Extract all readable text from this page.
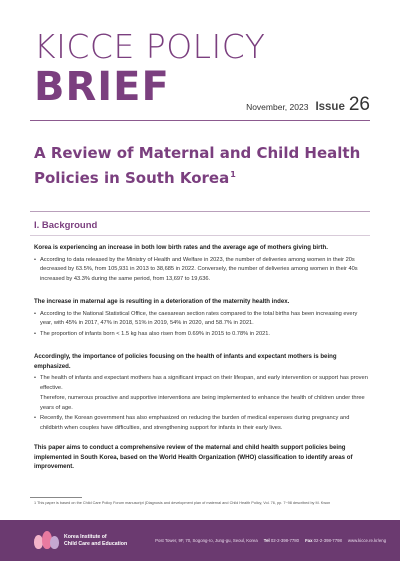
KICCE POLICY
BRIEF	November, 2023 Issue 26
A Review of Maternal and Child Health Policies in South Korea$^1$
I. Background

Korea is experiencing an increase in both low birth rates and the average age of mothers giving birth.

• According to data released by the Ministry of Health and Welfare in 2023, the number of deliveries among women in their 20s decreased by 63.5%, from 105,931 in 2013 to 38,685 in 2022. Conversely, the number of deliveries among women in their 40s increased by 43.3% during the same period, from 13,697 to 19,636.

The increase in maternal age is resulting in a deterioration of the maternity health index.

• According to the National Statistical Office, the caesarean section rates compared to the total births has been increasing every year, with 45% in 2017, 47% in 2018, 51% in 2019, 54% in 2020, and 58.7% in 2021.

• The proportion of infants born < 1.5 kg has also risen from 0.69% in 2015 to 0.78% in 2021.

Accordingly, the importance of policies focusing on the health of infants and expectant mothers is being emphasized.

• The health of infants and expectant mothers has a significant impact on their lifespan, and early intervention or support has proven effective.

Therefore, numerous proactive and supportive interventions are being implemented to enhance the health of children under three years of age.

• Recently, the Korean government has also emphasized on reducing the burden of medical expenses during pregnancy and childbirth when couples have difficulties, and strengthening support for infants in their early lives.

This paper aims to conduct a comprehensive review of the maternal and child health support policies being implemented in South Korea, based on the World Health Organization (WHO) classification to identify areas of improvement.

1 This paper is based on the Child Care Policy Forum manuscript (Diagnosis and development plan of maternal and Child Health Policy, Vol. 76, pp. 7~98 described by M. Kwon

Korea Institute of
Child Care and Education	Post Tower, 9F, 70, Sogong-ro, Jung-gu, Seoul, Korea Tel 02-2-398-7780 Fax 02-2-398-7798 www.kicce.re.kr/eng
